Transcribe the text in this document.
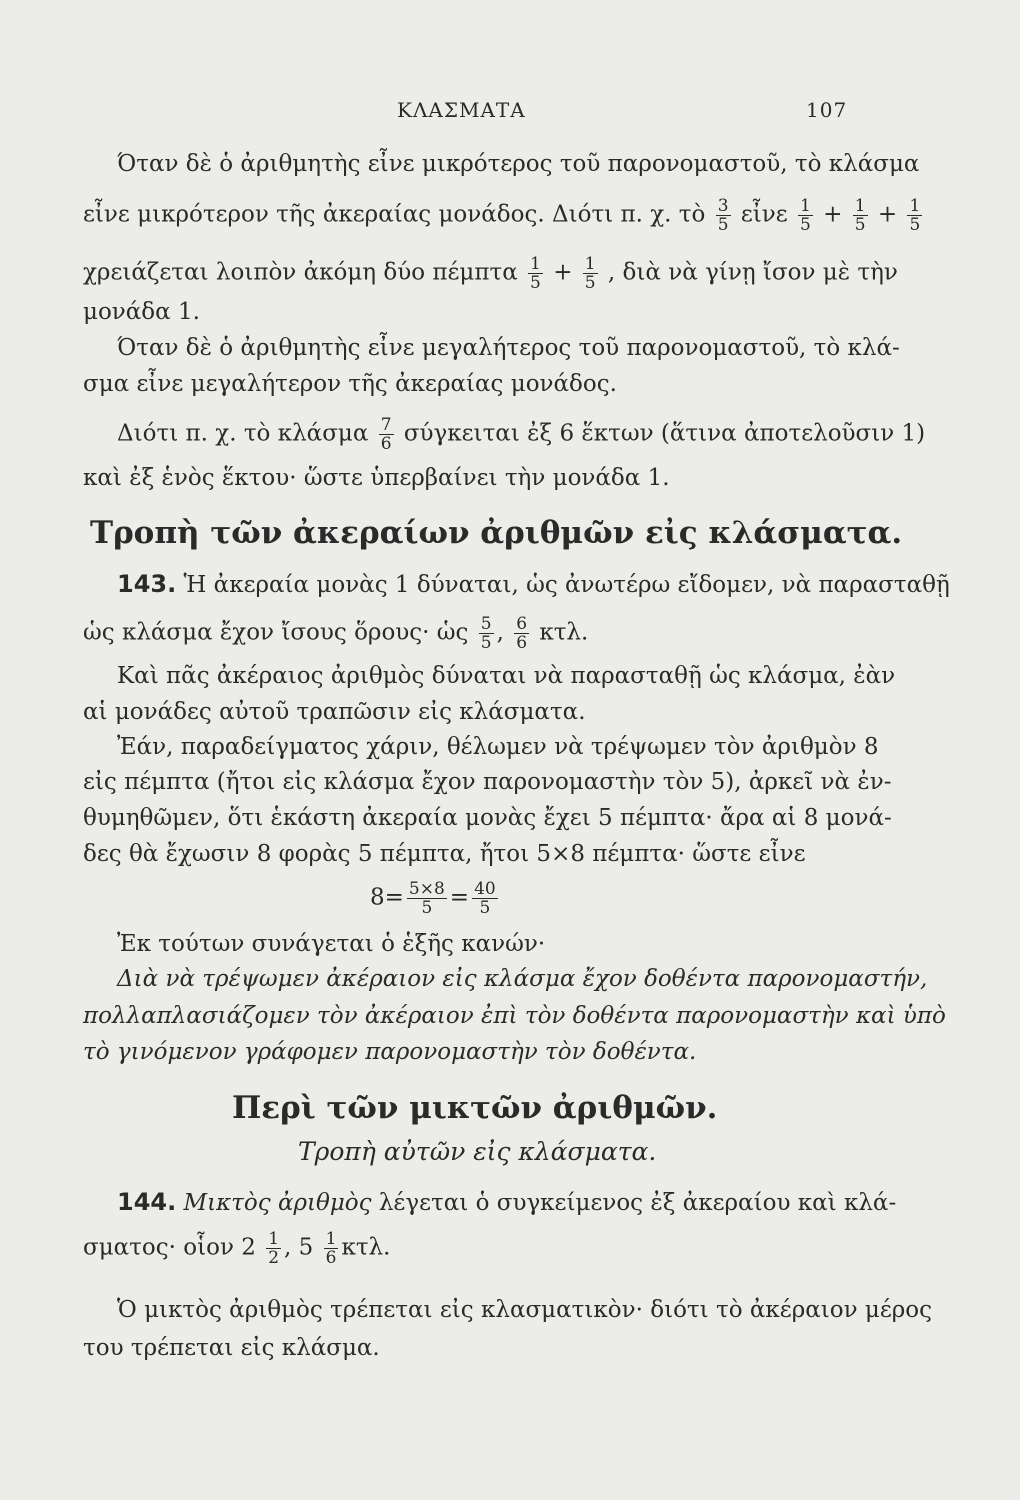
ΚΛΑΣΜΑΤΑ	107
Όταν δὲ ὁ ἀριθμητὴς εἶνε μικρότερος τοῦ παρονομαστοῦ, τὸ κλάσμα
εἶνε μικρότερον τῆς ἀκεραίας μονάδος. Διότι π. χ. τὸ $\frac{3}{5}$ εἶνε $\frac{1}{5} + \frac{1}{5} + \frac{1}{5}$
χρειάζεται λοιπὸν ἀκόμη δύο πέμπτα $\frac{1}{5} + \frac{1}{5}$ , διὰ νὰ γίνῃ ἴσον μὲ τὴν
μονάδα 1.
Όταν δὲ ὁ ἀριθμητὴς εἶνε μεγαλήτερος τοῦ παρονομαστοῦ, τὸ κλά-
σμα εἶνε μεγαλήτερον τῆς ἀκεραίας μονάδος.
Διότι π. χ. τὸ κλάσμα $\frac{7}{6}$ σύγκειται ἐξ 6 ἕκτων (ἅτινα ἀποτελοῦσιν 1)
καὶ ἐξ ἑνὸς ἕκτου· ὥστε ὑπερβαίνει τὴν μονάδα 1.
Τροπὴ τῶν ἀκεραίων ἀριθμῶν εἰς κλάσματα.
143. Ἡ ἀκεραία μονὰς 1 δύναται, ὡς ἀνωτέρω εἴδομεν, νὰ παρασταθῇ
ὡς κλάσμα ἔχον ἴσους ὅρους· ὡς $\frac{5}{5}$ , $\frac{6}{6} \kappa\tau\lambda$.
Καὶ πᾶς ἀκέραιος ἀριθμὸς δύναται νὰ παρασταθῇ ὡς κλάσμα, ἐὰν
αἱ μονάδες αὐτοῦ τραπῶσιν εἰς κλάσματα.
Ἐάν, παραδείγματος χάριν, θέλωμεν νὰ τρέψωμεν τὸν ἀριθμὸν 8
εἰς πέμπτα (ἤτοι εἰς κλάσμα ἔχον παρονομαστὴν τὸν 5), ἀρκεῖ νὰ ἐν-
θυμηθῶμεν, ὅτι ἑκάστη ἀκεραία μονὰς ἔχει 5 πέμπτα· ἄρα αἱ 8 μονά-
δες θὰ ἔχωσιν 8 φορὰς 5 πέμπτα, ἤτοι 5×8 πέμπτα· ὥστε εἶνε
$8= \frac{5\times 8}{5} = \frac{40}{5}$
Ἐκ τούτων συνάγεται ὁ ἑξῆς κανών·
Διὰ νὰ τρέψωμεν ἀκέραιον εἰς κλάσμα ἔχον δοθέντα παρονομαστήν,
πολλαπλασιάζομεν τὸν ἀκέραιον ἐπὶ τὸν δοθέντα παρονομαστὴν καὶ ὑπὸ
τὸ γινόμενον γράφομεν παρονομαστὴν τὸν δοθέντα.
Περὶ τῶν μικτῶν ἀριθμῶν.
Τροπὴ αὐτῶν εἰς κλάσματα.
144. Μικτὸς ἀριθμὸς λέγεται ὁ συγκείμενος ἐξ ἀκεραίου καὶ κλά-
σματος· οἷον $2 \frac{1}{2}$ , $5 \frac{1}{6} \kappa\tau\lambda$.
Ὁ μικτὸς ἀριθμὸς τρέπεται εἰς κλασματικὸν· διότι τὸ ἀκέραιον μέρος
του τρέπεται εἰς κλάσμα.
